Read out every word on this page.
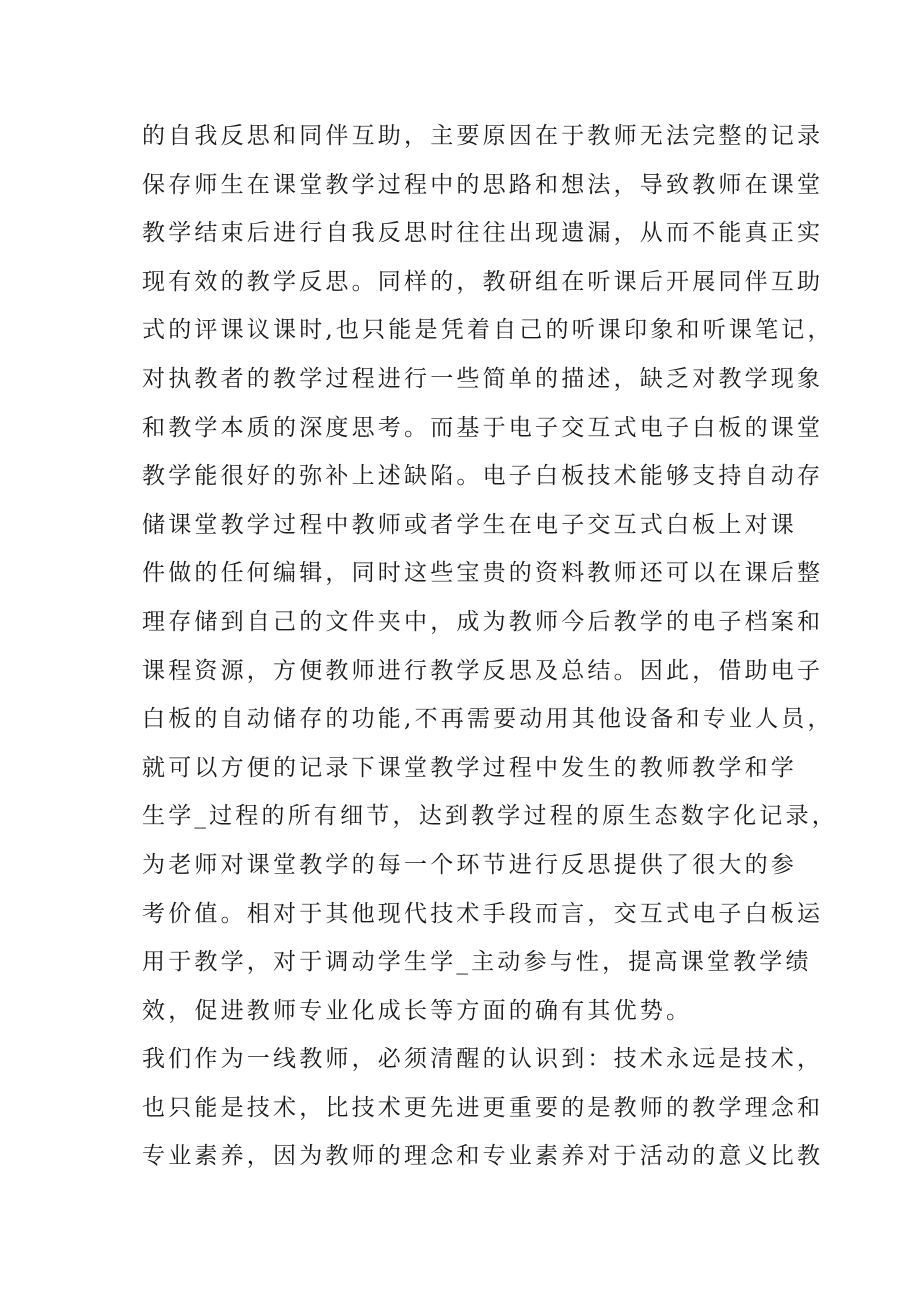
的自我反思和同伴互助，主要原因在于教师无法完整的记录
保存师生在课堂教学过程中的思路和想法，导致教师在课堂
教学结束后进行自我反思时往往出现遗漏，从而不能真正实
现有效的教学反思。同样的，教研组在听课后开展同伴互助
式的评课议课时,也只能是凭着自己的听课印象和听课笔记，
对执教者的教学过程进行一些简单的描述，缺乏对教学现象
和教学本质的深度思考。而基于电子交互式电子白板的课堂
教学能很好的弥补上述缺陷。电子白板技术能够支持自动存
储课堂教学过程中教师或者学生在电子交互式白板上对课
件做的任何编辑，同时这些宝贵的资料教师还可以在课后整
理存储到自己的文件夹中，成为教师今后教学的电子档案和
课程资源，方便教师进行教学反思及总结。因此，借助电子
白板的自动储存的功能,不再需要动用其他设备和专业人员，
就可以方便的记录下课堂教学过程中发生的教师教学和学
生学_过程的所有细节，达到教学过程的原生态数字化记录，
为老师对课堂教学的每一个环节进行反思提供了很大的参
考价值。相对于其他现代技术手段而言，交互式电子白板运
用于教学，对于调动学生学_主动参与性，提高课堂教学绩
效，促进教师专业化成长等方面的确有其优势。
我们作为一线教师，必须清醒的认识到：技术永远是技术，
也只能是技术，比技术更先进更重要的是教师的教学理念和
专业素养，因为教师的理念和专业素养对于活动的意义比教
